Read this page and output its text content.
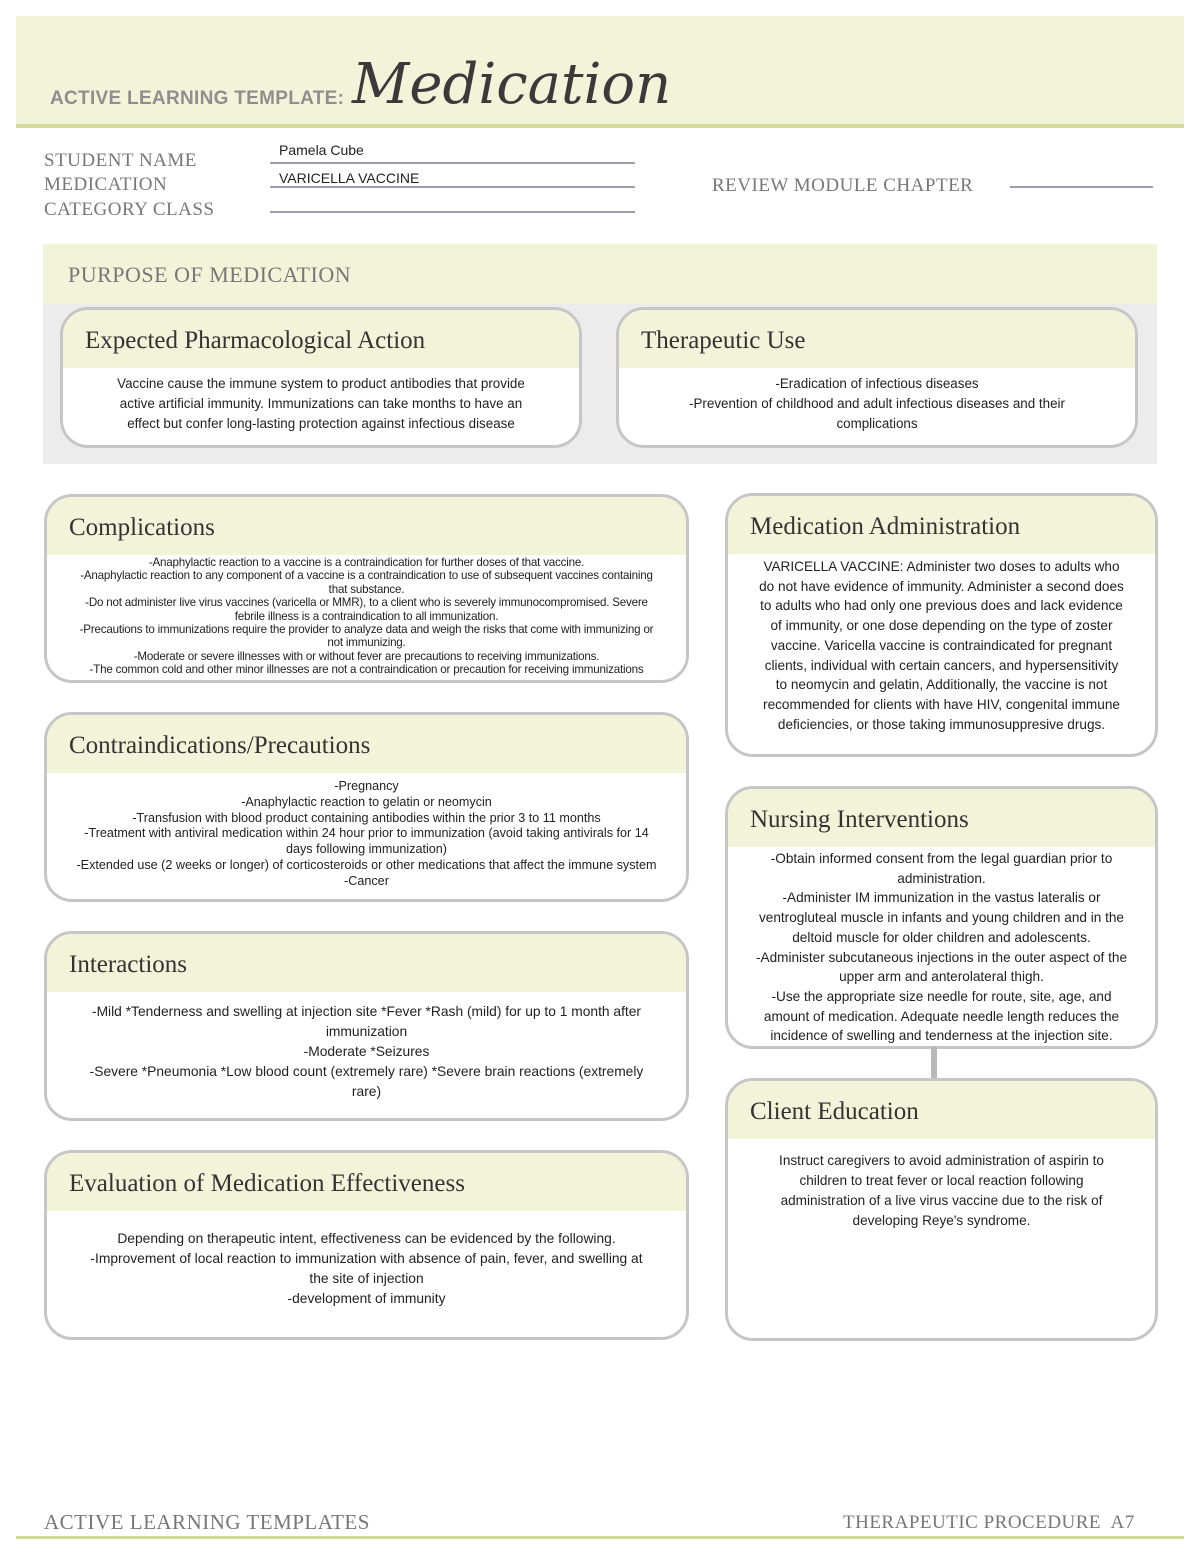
ACTIVE LEARNING TEMPLATE: Medication
STUDENT NAME	Pamela Cube
MEDICATION	VARICELLA VACCINE
CATEGORY CLASS
REVIEW MODULE CHAPTER
PURPOSE OF MEDICATION
Expected Pharmacological Action
Vaccine cause the immune system to product antibodies that provide
active artificial immunity. Immunizations can take months to have an
effect but confer long-lasting protection against infectious disease
Therapeutic Use
-Eradication of infectious diseases
-Prevention of childhood and adult infectious diseases and their
complications
Complications
-Anaphylactic reaction to a vaccine is a contraindication for further doses of that vaccine.
-Anaphylactic reaction to any component of a vaccine is a contraindication to use of subsequent vaccines containing
that substance.
-Do not administer live virus vaccines (varicella or MMR), to a client who is severely immunocompromised. Severe
febrile illness is a contraindication to all immunization.
-Precautions to immunizations require the provider to analyze data and weigh the risks that come with immunizing or
not immunizing.
-Moderate or severe illnesses with or without fever are precautions to receiving immunizations.
-The common cold and other minor illnesses are not a contraindication or precaution for receiving immunizations
Contraindications/Precautions
-Pregnancy
-Anaphylactic reaction to gelatin or neomycin
-Transfusion with blood product containing antibodies within the prior 3 to 11 months
-Treatment with antiviral medication within 24 hour prior to immunization (avoid taking antivirals for 14
days following immunization)
-Extended use (2 weeks or longer) of corticosteroids or other medications that affect the immune system
-Cancer
Interactions
-Mild *Tenderness and swelling at injection site *Fever *Rash (mild) for up to 1 month after
immunization
-Moderate *Seizures
-Severe *Pneumonia *Low blood count (extremely rare) *Severe brain reactions (extremely
rare)
Evaluation of Medication Effectiveness
Depending on therapeutic intent, effectiveness can be evidenced by the following.
-Improvement of local reaction to immunization with absence of pain, fever, and swelling at
the site of injection
-development of immunity
Medication Administration
VARICELLA VACCINE: Administer two doses to adults who
do not have evidence of immunity. Administer a second does
to adults who had only one previous does and lack evidence
of immunity, or one dose depending on the type of zoster
vaccine. Varicella vaccine is contraindicated for pregnant
clients, individual with certain cancers, and hypersensitivity
to neomycin and gelatin, Additionally, the vaccine is not
recommended for clients with have HIV, congenital immune
deficiencies, or those taking immunosuppresive drugs.
Nursing Interventions
-Obtain informed consent from the legal guardian prior to
administration.
-Administer IM immunization in the vastus lateralis or
ventrogluteal muscle in infants and young children and in the
deltoid muscle for older children and adolescents.
-Administer subcutaneous injections in the outer aspect of the
upper arm and anterolateral thigh.
-Use the appropriate size needle for route, site, age, and
amount of medication. Adequate needle length reduces the
incidence of swelling and tenderness at the injection site.
Client Education
Instruct caregivers to avoid administration of aspirin to
children to treat fever or local reaction following
administration of a live virus vaccine due to the risk of
developing Reye's syndrome.
ACTIVE LEARNING TEMPLATES	THERAPEUTIC PROCEDURE  A7
